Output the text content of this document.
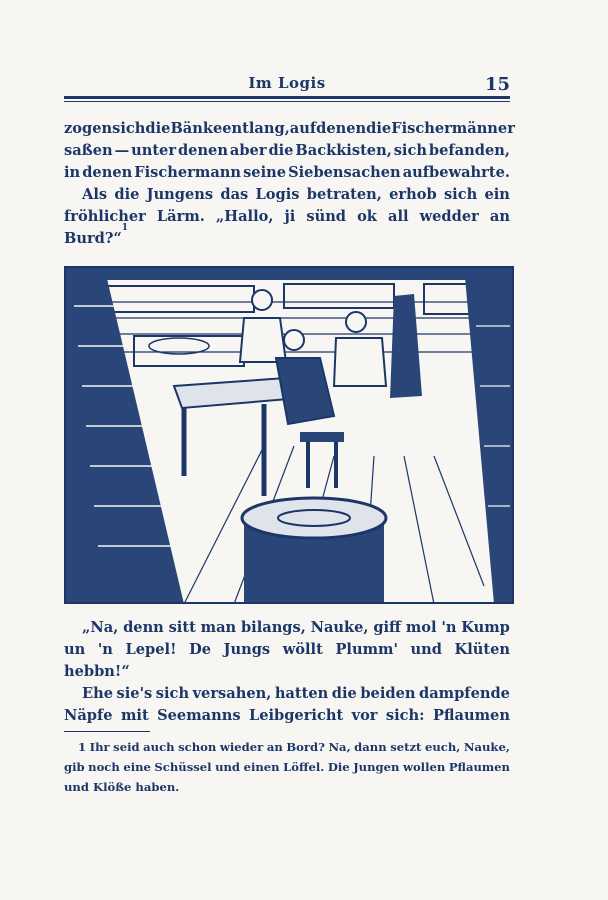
Im Logis	15
zogen sich die Bänke entlang, auf denen die Fischermänner
saßen — unter denen aber die Backkisten, sich befanden,
in denen Fischermann seine Siebensachen aufbewahrte.
Als die Jungens das Logis betraten, erhob sich ein
fröhlicher Lärm. „Hallo, ji sünd ok all wedder an
Burd?“
1
„Na, denn sitt man bilangs, Nauke, giff mol 'n Kump
un 'n Lepel! De Jungs wöllt Plumm' und Klüten
hebbn!“
Ehe sie's sich versahen, hatten die beiden dampfende
Näpfe mit Seemanns Leibgericht vor sich: Pflaumen
1 Ihr seid auch schon wieder an Bord? Na, dann setzt euch, Nauke,
gib noch eine Schüssel und einen Löffel. Die Jungen wollen Pflaumen
und Klöße haben.
